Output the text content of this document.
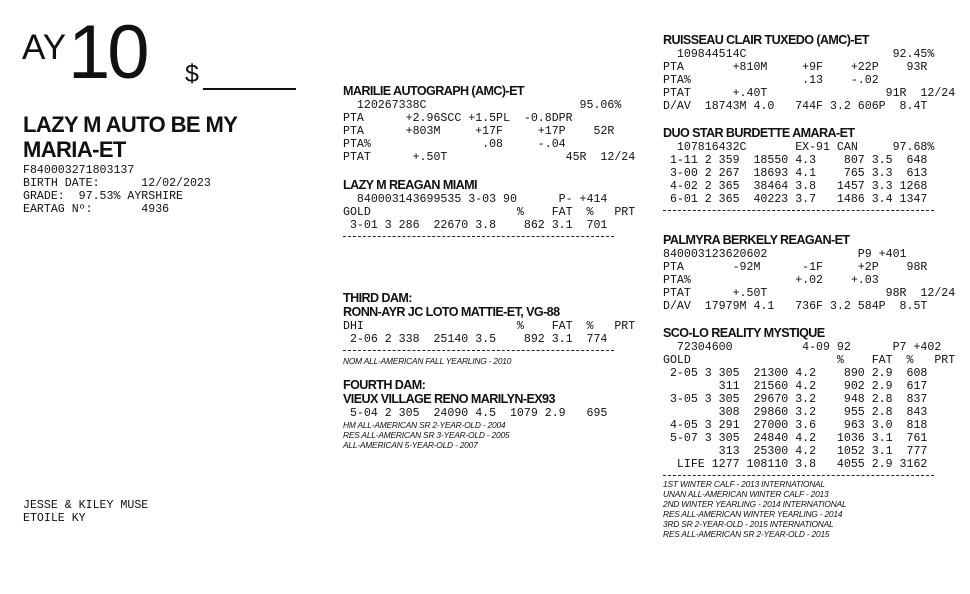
AY 10 $
LAZY M AUTO BE MY
MARIA-ET
F840003271803137
BIRTH DATE:      12/02/2023
GRADE:  97.53% AYRSHIRE
EARTAG Nº:       4936
JESSE & KILEY MUSE
ETOILE KY
MARILIE AUTOGRAPH (AMC)-ET
120267338C                      95.06%
PTA      +2.96SCC +1.5PL  -0.8DPR
PTA      +803M     +17F     +17P    52R
PTA%                .08     -.04
PTAT      +.50T                 45R  12/24
LAZY M REAGAN MIAMI
840003143699535 3-03 90      P- +414
GOLD                     %    FAT  %   PRT
3-01 3 286  22670 3.8    862 3.1  701
THIRD DAM:
RONN-AYR JC LOTO MATTIE-ET, VG-88
DHI                      %    FAT  %   PRT
2-06 2 338  25140 3.5    892 3.1  774
NOM ALL-AMERICAN FALL YEARLING - 2010
FOURTH DAM:
VIEUX VILLAGE RENO MARILYN-EX93
5-04 2 305  24090 4.5  1079 2.9   695
HM ALL-AMERICAN SR 2-YEAR-OLD - 2004
RES ALL-AMERICAN SR 3-YEAR-OLD - 2005
ALL-AMERICAN 5-YEAR-OLD - 2007
RUISSEAU CLAIR TUXEDO (AMC)-ET
109844514C                     92.45%
PTA       +810M     +9F    +22P    93R
PTA%                .13    -.02
PTAT      +.40T                 91R  12/24
D/AV  18743M 4.0   744F 3.2 606P  8.4T
DUO STAR BURDETTE AMARA-ET
107816432C       EX-91 CAN     97.68%
1-11 2 359  18550 4.3    807 3.5  648
3-00 2 267  18693 4.1    765 3.3  613
4-02 2 365  38464 3.8   1457 3.3 1268
6-01 2 365  40223 3.7   1486 3.4 1347
PALMYRA BERKELY REAGAN-ET
840003123620602             P9 +401
PTA       -92M      -1F     +2P    98R
PTA%               +.02    +.03
PTAT      +.50T                 98R  12/24
D/AV  17979M 4.1   736F 3.2 584P  8.5T
SCO-LO REALITY MYSTIQUE
72304600          4-09 92      P7 +402
GOLD                     %    FAT  %   PRT
2-05 3 305  21300 4.2    890 2.9  608
311  21560 4.2    902 2.9  617
3-05 3 305  29670 3.2    948 2.8  837
308  29860 3.2    955 2.8  843
4-05 3 291  27000 3.6    963 3.0  818
5-07 3 305  24840 4.2   1036 3.1  761
313  25300 4.2   1052 3.1  777
LIFE 1277 108110 3.8   4055 2.9 3162
1ST WINTER CALF - 2013 INTERNATIONAL
UNAN ALL-AMERICAN WINTER CALF - 2013
2ND WINTER YEARLING - 2014 INTERNATIONAL
RES ALL-AMERICAN WINTER YEARLING - 2014
3RD SR 2-YEAR-OLD - 2015 INTERNATIONAL
RES ALL-AMERICAN SR 2-YEAR-OLD - 2015
